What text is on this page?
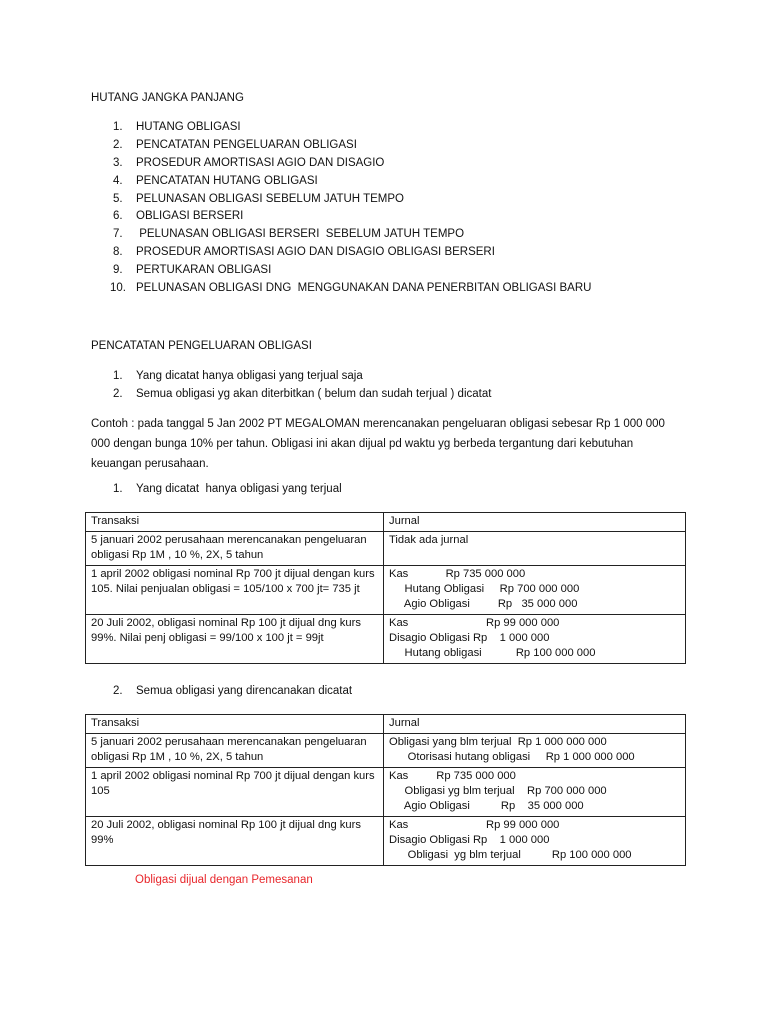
HUTANG JANGKA PANJANG

1. HUTANG OBLIGASI
2. PENCATATAN PENGELUARAN OBLIGASI
3. PROSEDUR AMORTISASI AGIO DAN DISAGIO
4. PENCATATAN HUTANG OBLIGASI
5. PELUNASAN OBLIGASI SEBELUM JATUH TEMPO
6. OBLIGASI BERSERI
7. PELUNASAN OBLIGASI BERSERI  SEBELUM JATUH TEMPO
8. PROSEDUR AMORTISASI AGIO DAN DISAGIO OBLIGASI BERSERI
9. PERTUKARAN OBLIGASI
10. PELUNASAN OBLIGASI DNG  MENGGUNAKAN DANA PENERBITAN OBLIGASI BARU

PENCATATAN PENGELUARAN OBLIGASI

1. Yang dicatat hanya obligasi yang terjual saja
2. Semua obligasi yg akan diterbitkan ( belum dan sudah terjual ) dicatat

Contoh : pada tanggal 5 Jan 2002 PT MEGALOMAN merencanakan pengeluaran obligasi sebesar Rp 1 000 000 000 dengan bunga 10% per tahun. Obligasi ini akan dijual pd waktu yg berbeda tergantung dari kebutuhan keuangan perusahaan.

1. Yang dicatat  hanya obligasi yang terjual
Transaksi	Jurnal
5 januari 2002 perusahaan merencanakan pengeluaran obligasi Rp 1M , 10 %, 2X, 5 tahun	Tidak ada jurnal

1 april 2002 obligasi nominal Rp 700 jt dijual dengan kurs 105. Nilai penjualan obligasi = 105/100 x 700 jt= 735 jt	Kas            Rp 735 000 000
Hutang Obligasi     Rp 700 000 000
Agio Obligasi         Rp   35 000 000

20 Juli 2002, obligasi nominal Rp 100 jt dijual dng kurs 99%. Nilai penj obligasi = 99/100 x 100 jt = 99jt	Kas                         Rp 99 000 000
Disagio Obligasi Rp    1 000 000
Hutang obligasi           Rp 100 000 000
2. Semua obligasi yang direncanakan dicatat
Transaksi	Jurnal
5 januari 2002 perusahaan merencanakan pengeluaran obligasi Rp 1M , 10 %, 2X, 5 tahun	Obligasi yang blm terjual  Rp 1 000 000 000
Otorisasi hutang obligasi     Rp 1 000 000 000

1 april 2002 obligasi nominal Rp 700 jt dijual dengan kurs 105	Kas         Rp 735 000 000
Obligasi yg blm terjual    Rp 700 000 000
Agio Obligasi          Rp    35 000 000

20 Juli 2002, obligasi nominal Rp 100 jt dijual dng kurs 99%	Kas                         Rp 99 000 000
Disagio Obligasi Rp    1 000 000
Obligasi  yg blm terjual          Rp 100 000 000

Obligasi dijual dengan Pemesanan
